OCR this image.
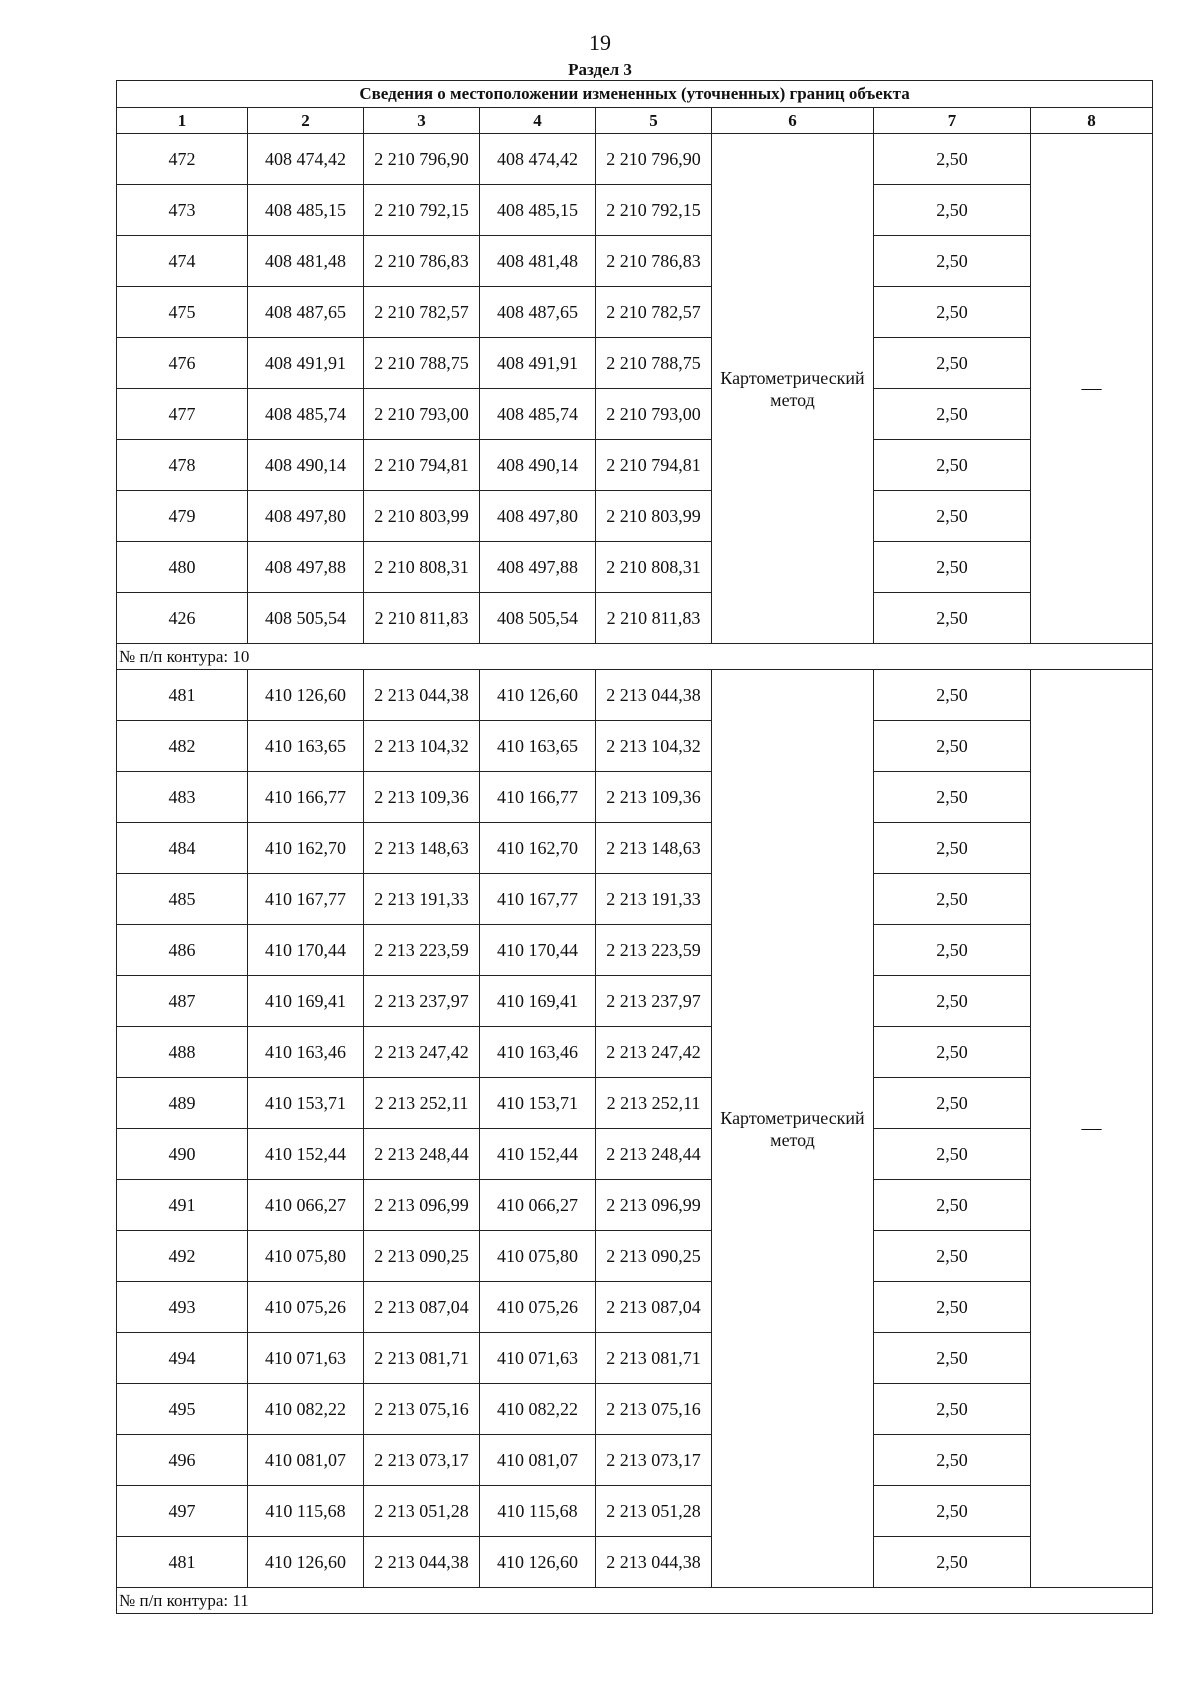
19
Раздел 3
Сведения о местоположении измененных (уточненных) границ объекта							
1	2	3	4	5	6	7	8
472	408 474,42	2 210 796,90	408 474,42	2 210 796,90	Картометрический метод	2,50	—
473	408 485,15	2 210 792,15	408 485,15	2 210 792,15		2,50	
474	408 481,48	2 210 786,83	408 481,48	2 210 786,83		2,50	
475	408 487,65	2 210 782,57	408 487,65	2 210 782,57		2,50	
476	408 491,91	2 210 788,75	408 491,91	2 210 788,75		2,50	
477	408 485,74	2 210 793,00	408 485,74	2 210 793,00		2,50	
478	408 490,14	2 210 794,81	408 490,14	2 210 794,81		2,50	
479	408 497,80	2 210 803,99	408 497,80	2 210 803,99		2,50	
480	408 497,88	2 210 808,31	408 497,88	2 210 808,31		2,50	
426	408 505,54	2 210 811,83	408 505,54	2 210 811,83		2,50	
№ п/п контура: 10							
481	410 126,60	2 213 044,38	410 126,60	2 213 044,38	Картометрический метод	2,50	—
482	410 163,65	2 213 104,32	410 163,65	2 213 104,32		2,50	
483	410 166,77	2 213 109,36	410 166,77	2 213 109,36		2,50	
484	410 162,70	2 213 148,63	410 162,70	2 213 148,63		2,50	
485	410 167,77	2 213 191,33	410 167,77	2 213 191,33		2,50	
486	410 170,44	2 213 223,59	410 170,44	2 213 223,59		2,50	
487	410 169,41	2 213 237,97	410 169,41	2 213 237,97		2,50	
488	410 163,46	2 213 247,42	410 163,46	2 213 247,42		2,50	
489	410 153,71	2 213 252,11	410 153,71	2 213 252,11		2,50	
490	410 152,44	2 213 248,44	410 152,44	2 213 248,44		2,50	
491	410 066,27	2 213 096,99	410 066,27	2 213 096,99		2,50	
492	410 075,80	2 213 090,25	410 075,80	2 213 090,25		2,50	
493	410 075,26	2 213 087,04	410 075,26	2 213 087,04		2,50	
494	410 071,63	2 213 081,71	410 071,63	2 213 081,71		2,50	
495	410 082,22	2 213 075,16	410 082,22	2 213 075,16		2,50	
496	410 081,07	2 213 073,17	410 081,07	2 213 073,17		2,50	
497	410 115,68	2 213 051,28	410 115,68	2 213 051,28		2,50	
481	410 126,60	2 213 044,38	410 126,60	2 213 044,38		2,50	
№ п/п контура: 11							
